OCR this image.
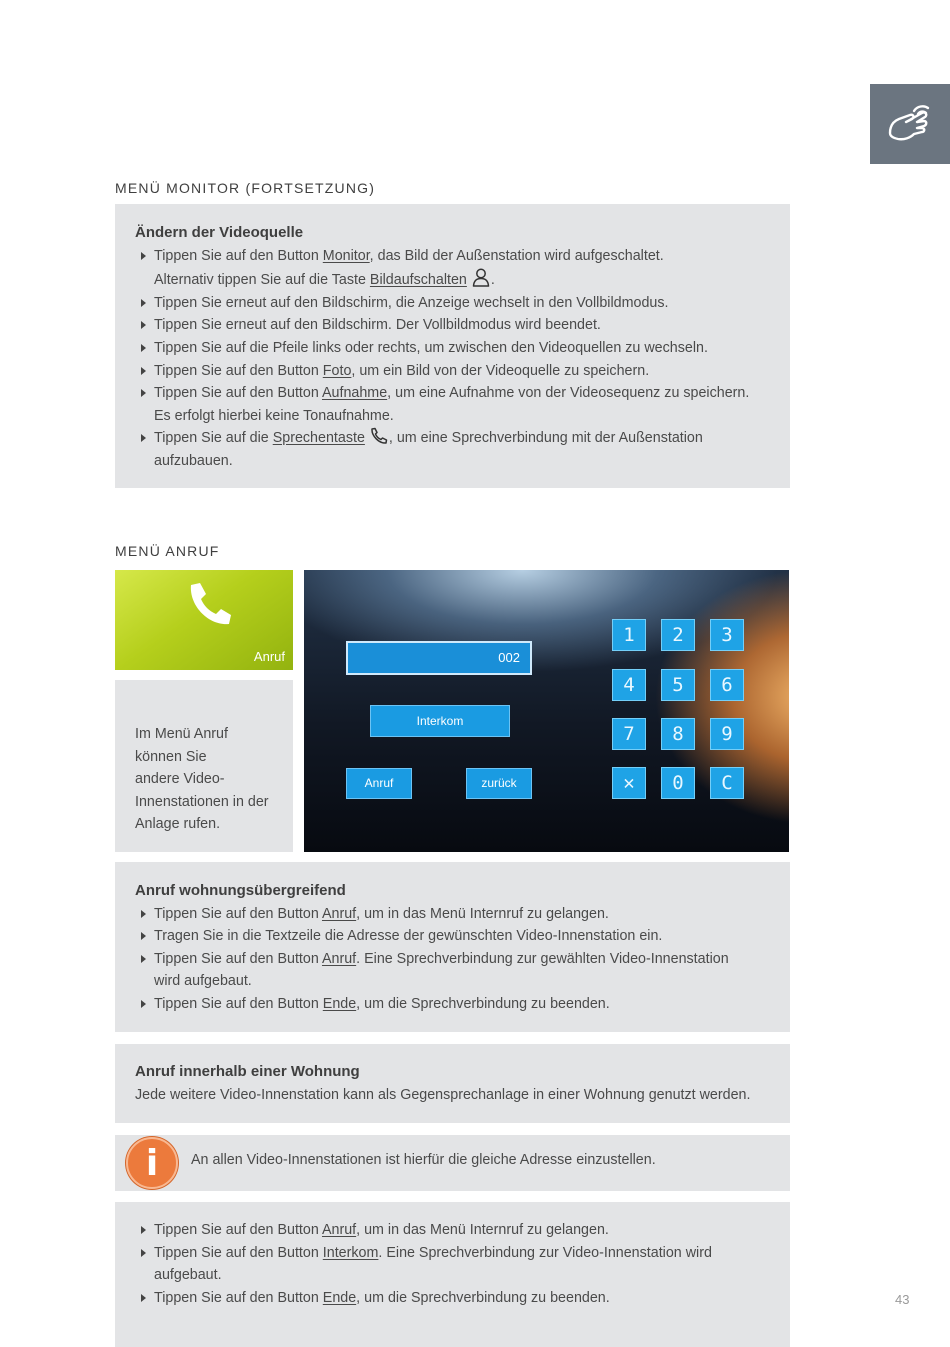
MENÜ MONITOR (FORTSETZUNG)
Ändern der Videoquelle
Tippen Sie auf den Button Monitor, das Bild der Außenstation wird aufgeschaltet.
Alternativ tippen Sie auf die Taste Bildaufschalten .
Tippen Sie erneut auf den Bildschirm, die Anzeige wechselt in den Vollbildmodus.
Tippen Sie erneut auf den Bildschirm. Der Vollbildmodus wird beendet.
Tippen Sie auf die Pfeile links oder rechts, um zwischen den Videoquellen zu wechseln.
Tippen Sie auf den Button Foto, um ein Bild von der Videoquelle zu speichern.
Tippen Sie auf den Button Aufnahme, um eine Aufnahme von der Videosequenz zu speichern.
Es erfolgt hierbei keine Tonaufnahme.
Tippen Sie auf die Sprechentaste , um eine Sprechverbindung mit der Außenstation
aufzubauen.
MENÜ ANRUF
Anruf

Im Menü Anruf

können Sie

andere Video-

Innenstationen in der

Anlage rufen.

002
Interkom
Anruf	zurück
1	2	3
4	5	6
7	8	9
✕	0	C
Anruf wohnungsübergreifend
Tippen Sie auf den Button Anruf, um in das Menü Internruf zu gelangen.
Tragen Sie in die Textzeile die Adresse der gewünschten Video-Innenstation ein.
Tippen Sie auf den Button Anruf. Eine Sprechverbindung zur gewählten Video-Innenstation
wird aufgebaut.
Tippen Sie auf den Button Ende, um die Sprechverbindung zu beenden.
Anruf innerhalb einer Wohnung
Jede weitere Video-Innenstation kann als Gegensprechanlage in einer Wohnung genutzt werden.
i	An allen Video-Innenstationen ist hierfür die gleiche Adresse einzustellen.
Tippen Sie auf den Button Anruf, um in das Menü Internruf zu gelangen.
Tippen Sie auf den Button Interkom. Eine Sprechverbindung zur Video-Innenstation wird
aufgebaut.
Tippen Sie auf den Button Ende, um die Sprechverbindung zu beenden.	43
